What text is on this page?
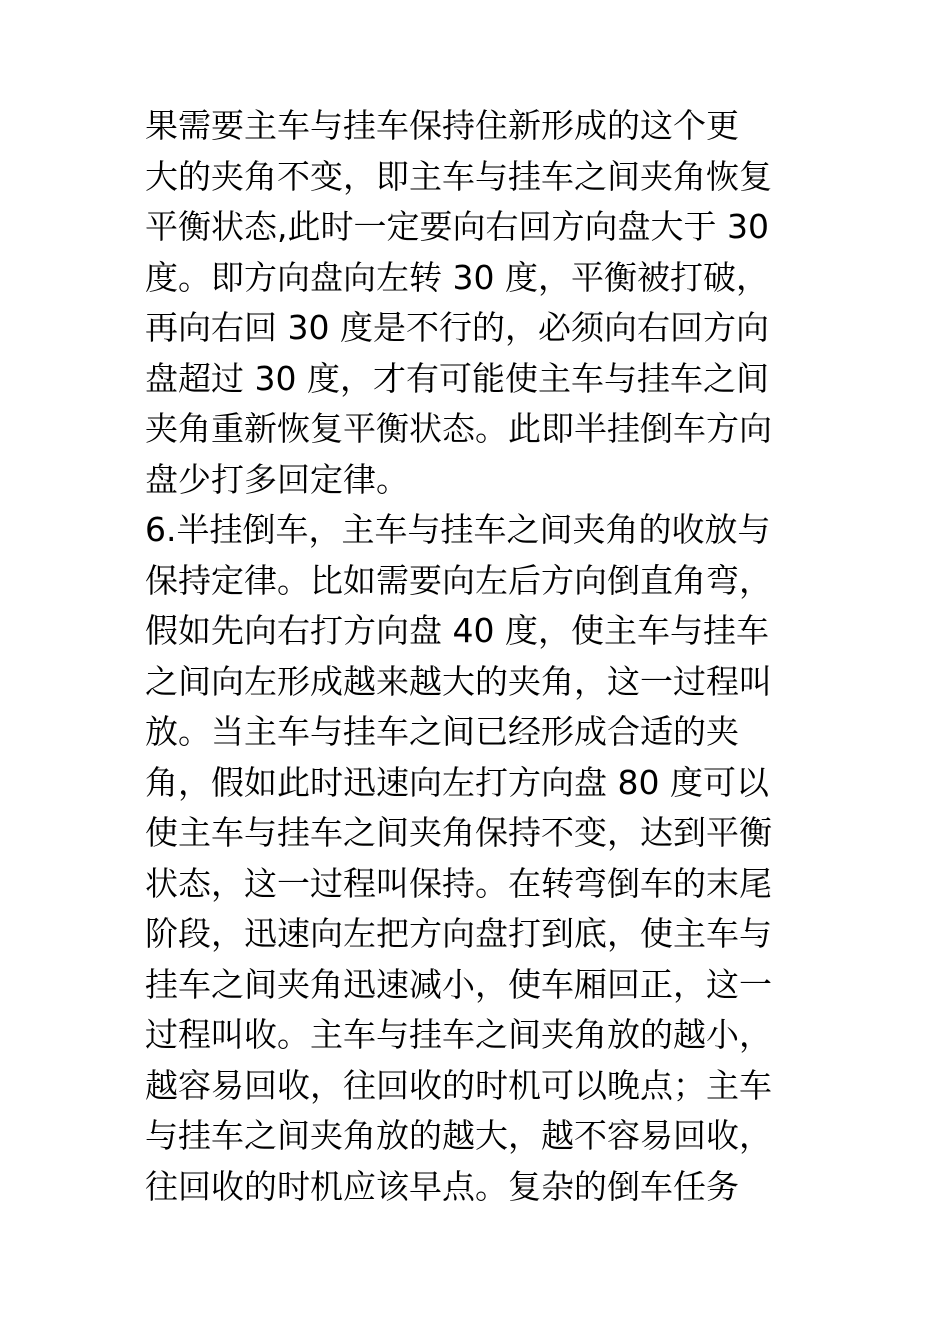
果需要主车与挂车保持住新形成的这个更
大的夹角不变，即主车与挂车之间夹角恢复
平衡状态,此时一定要向右回方向盘大于 30
度。即方向盘向左转 30 度，平衡被打破，
再向右回 30 度是不行的，必须向右回方向
盘超过 30 度，才有可能使主车与挂车之间
夹角重新恢复平衡状态。此即半挂倒车方向
盘少打多回定律。
6.半挂倒车，主车与挂车之间夹角的收放与
保持定律。比如需要向左后方向倒直角弯，
假如先向右打方向盘 40 度，使主车与挂车
之间向左形成越来越大的夹角，这一过程叫
放。当主车与挂车之间已经形成合适的夹
角，假如此时迅速向左打方向盘 80 度可以
使主车与挂车之间夹角保持不变，达到平衡
状态，这一过程叫保持。在转弯倒车的末尾
阶段，迅速向左把方向盘打到底，使主车与
挂车之间夹角迅速减小，使车厢回正，这一
过程叫收。主车与挂车之间夹角放的越小，
越容易回收，往回收的时机可以晚点；主车
与挂车之间夹角放的越大，越不容易回收，
往回收的时机应该早点。复杂的倒车任务
